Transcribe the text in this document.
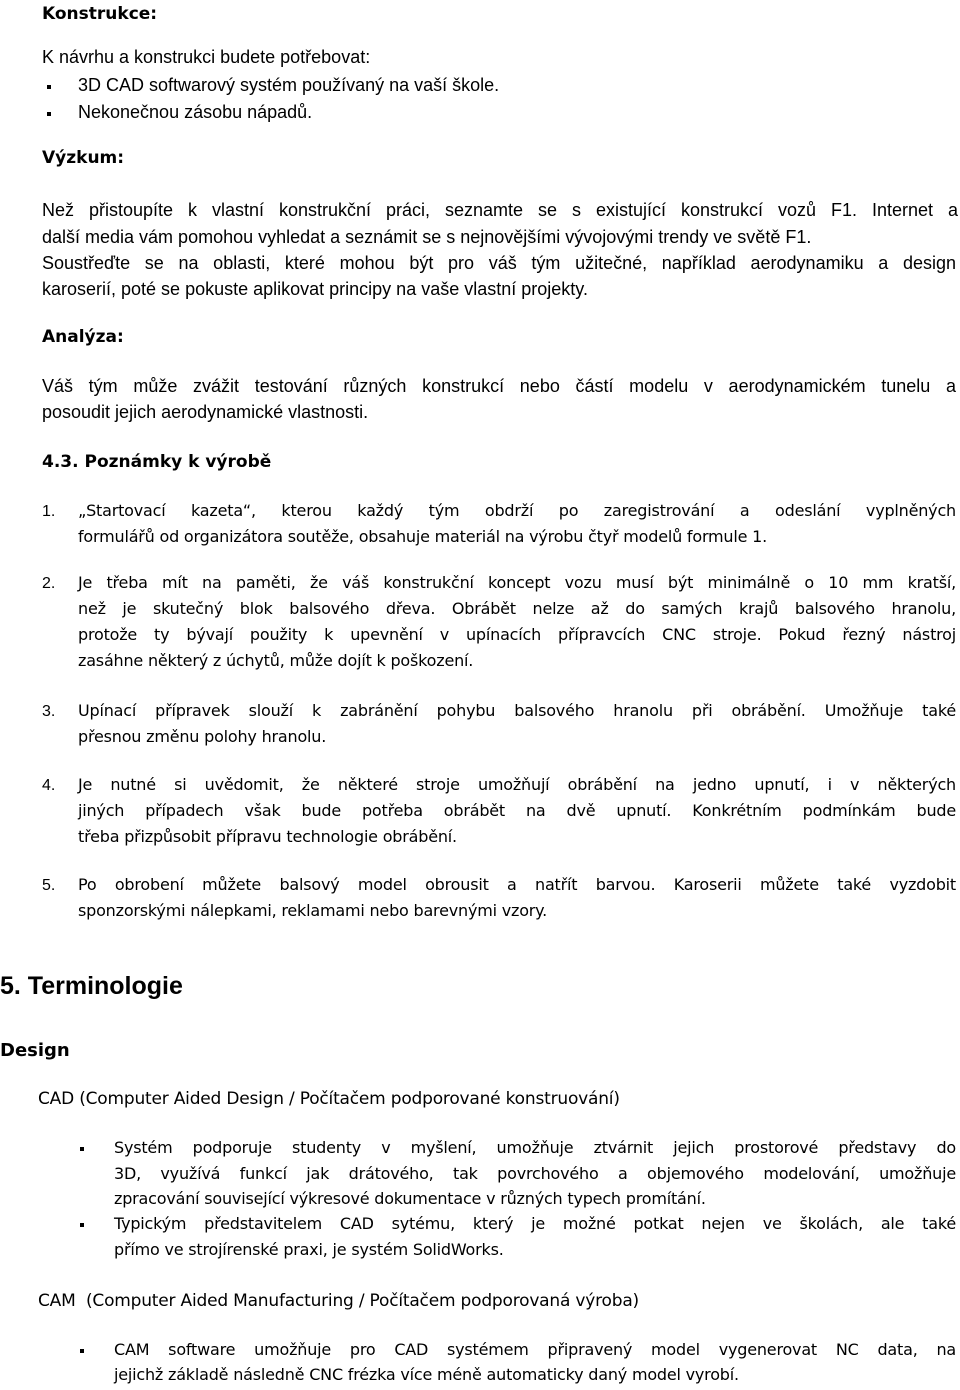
Konstrukce:
K návrhu a konstrukci budete potřebovat:
3D CAD softwarový systém používaný na vaší škole.
Nekonečnou zásobu nápadů.
Výzkum:
Než přistoupíte k vlastní konstrukční práci, seznamte se s existující konstrukcí vozů F1. Internet a
další media vám pomohou vyhledat a seznámit se s nejnovějšími vývojovými trendy ve světě F1.
Soustřeďte se na oblasti, které mohou být pro váš tým užitečné, například aerodynamiku a design
karoserií, poté se pokuste aplikovat principy na vaše vlastní projekty.
Analýza:
Váš tým může zvážit testování různých konstrukcí nebo částí modelu v aerodynamickém tunelu a
posoudit jejich aerodynamické vlastnosti.
4.3. Poznámky k výrobě
1. „Startovací kazeta“, kterou každý tým obdrží po zaregistrování a odeslání vyplněných
formulářů od organizátora soutěže, obsahuje materiál na výrobu čtyř modelů formule 1.
2. Je třeba mít na paměti, že váš konstrukční koncept vozu musí být minimálně o 10 mm kratší,
než je skutečný blok balsového dřeva. Obrábět nelze až do samých krajů balsového hranolu,
protože ty bývají použity k upevnění v upínacích přípravcích CNC stroje. Pokud řezný nástroj
zasáhne některý z úchytů, může dojít k poškození.
3. Upínací přípravek slouží k zabránění pohybu balsového hranolu při obrábění. Umožňuje také
přesnou změnu polohy hranolu.
4. Je nutné si uvědomit, že některé stroje umožňují obrábění na jedno upnutí, i v některých
jiných případech však bude potřeba obrábět na dvě upnutí. Konkrétním podmínkám bude
třeba přizpůsobit přípravu technologie obrábění.
5. Po obrobení můžete balsový model obrousit a natřít barvou. Karoserii můžete také vyzdobit
sponzorskými nálepkami, reklamami nebo barevnými vzory.
5. Terminologie
Design
CAD (Computer Aided Design / Počítačem podporované konstruování)
Systém podporuje studenty v myšlení, umožňuje ztvárnit jejich prostorové představy do
3D, využívá funkcí jak drátového, tak povrchového a objemového modelování, umožňuje
zpracování související výkresové dokumentace v různých typech promítání.
Typickým představitelem CAD sytému, který je možné potkat nejen ve školách, ale také
přímo ve strojírenské praxi, je systém SolidWorks.
CAM  (Computer Aided Manufacturing / Počítačem podporovaná výroba)
CAM software umožňuje pro CAD systémem připravený model vygenerovat NC data, na
jejichž základě následně CNC frézka více méně automaticky daný model vyrobí.
